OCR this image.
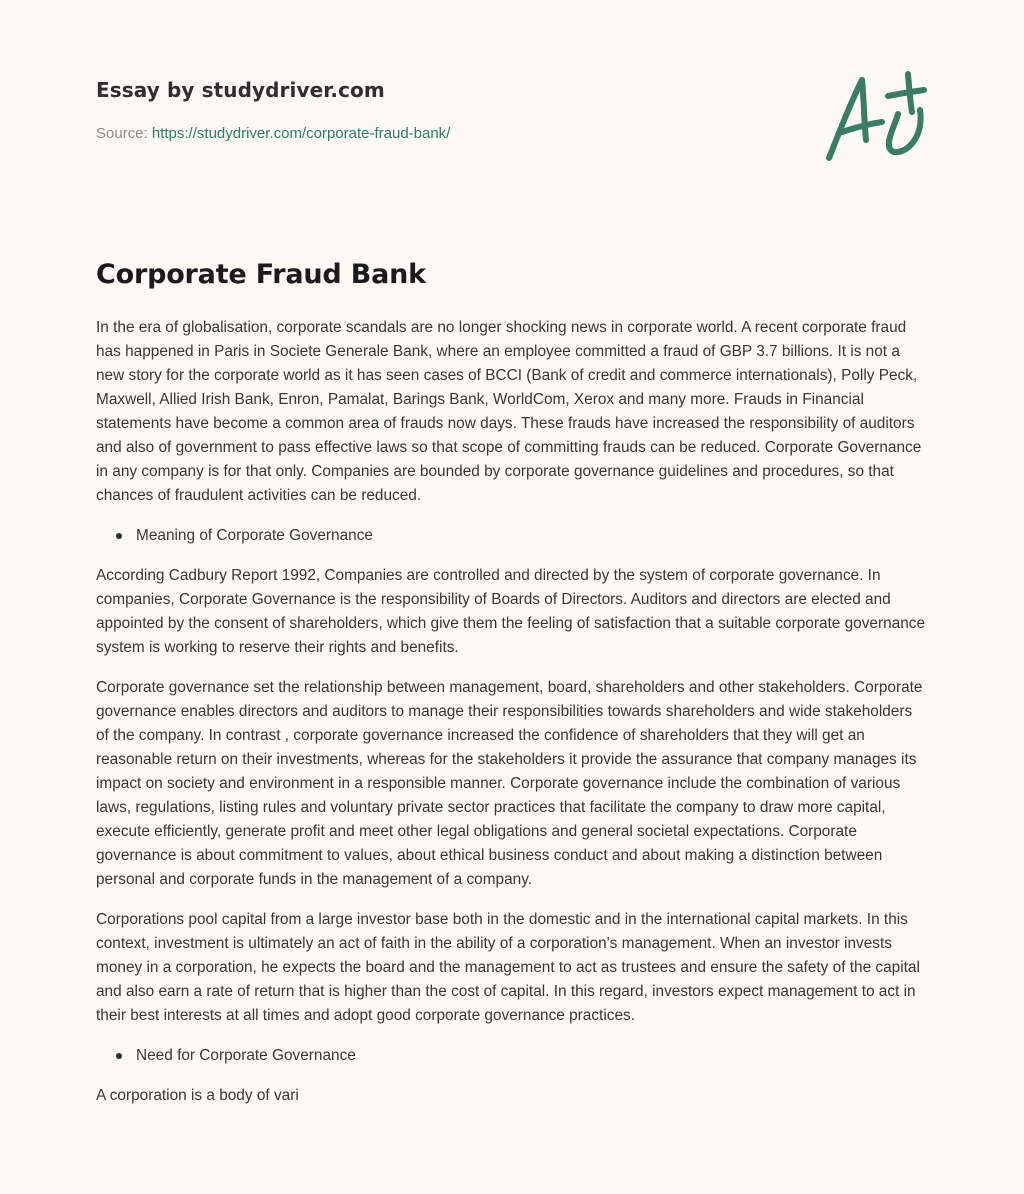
Essay by studydriver.com
Source: https://studydriver.com/corporate-fraud-bank/
Corporate Fraud Bank

In the era of globalisation, corporate scandals are no longer shocking news in corporate world. A recent corporate fraud has happened in Paris in Societe Generale Bank, where an employee committed a fraud of GBP 3.7 billions. It is not a new story for the corporate world as it has seen cases of BCCI (Bank of credit and commerce internationals), Polly Peck, Maxwell, Allied Irish Bank, Enron, Pamalat, Barings Bank, WorldCom, Xerox and many more. Frauds in Financial statements have become a common area of frauds now days. These frauds have increased the responsibility of auditors and also of government to pass effective laws so that scope of committing frauds can be reduced. Corporate Governance in any company is for that only. Companies are bounded by corporate governance guidelines and procedures, so that chances of fraudulent activities can be reduced.

Meaning of Corporate Governance

According Cadbury Report 1992, Companies are controlled and directed by the system of corporate governance. In companies, Corporate Governance is the responsibility of Boards of Directors. Auditors and directors are elected and appointed by the consent of shareholders, which give them the feeling of satisfaction that a suitable corporate governance system is working to reserve their rights and benefits.

Corporate governance set the relationship between management, board, shareholders and other stakeholders. Corporate governance enables directors and auditors to manage their responsibilities towards shareholders and wide stakeholders of the company. In contrast , corporate governance increased the confidence of shareholders that they will get an reasonable return on their investments, whereas for the stakeholders it provide the assurance that company manages its impact on society and environment in a responsible manner. Corporate governance include the combination of various laws, regulations, listing rules and voluntary private sector practices that facilitate the company to draw more capital, execute efficiently, generate profit and meet other legal obligations and general societal expectations. Corporate governance is about commitment to values, about ethical business conduct and about making a distinction between personal and corporate funds in the management of a company.

Corporations pool capital from a large investor base both in the domestic and in the international capital markets. In this context, investment is ultimately an act of faith in the ability of a corporation's management. When an investor invests money in a corporation, he expects the board and the management to act as trustees and ensure the safety of the capital and also earn a rate of return that is higher than the cost of capital. In this regard, investors expect management to act in their best interests at all times and adopt good corporate governance practices.

Need for Corporate Governance

A corporation is a body of vari
